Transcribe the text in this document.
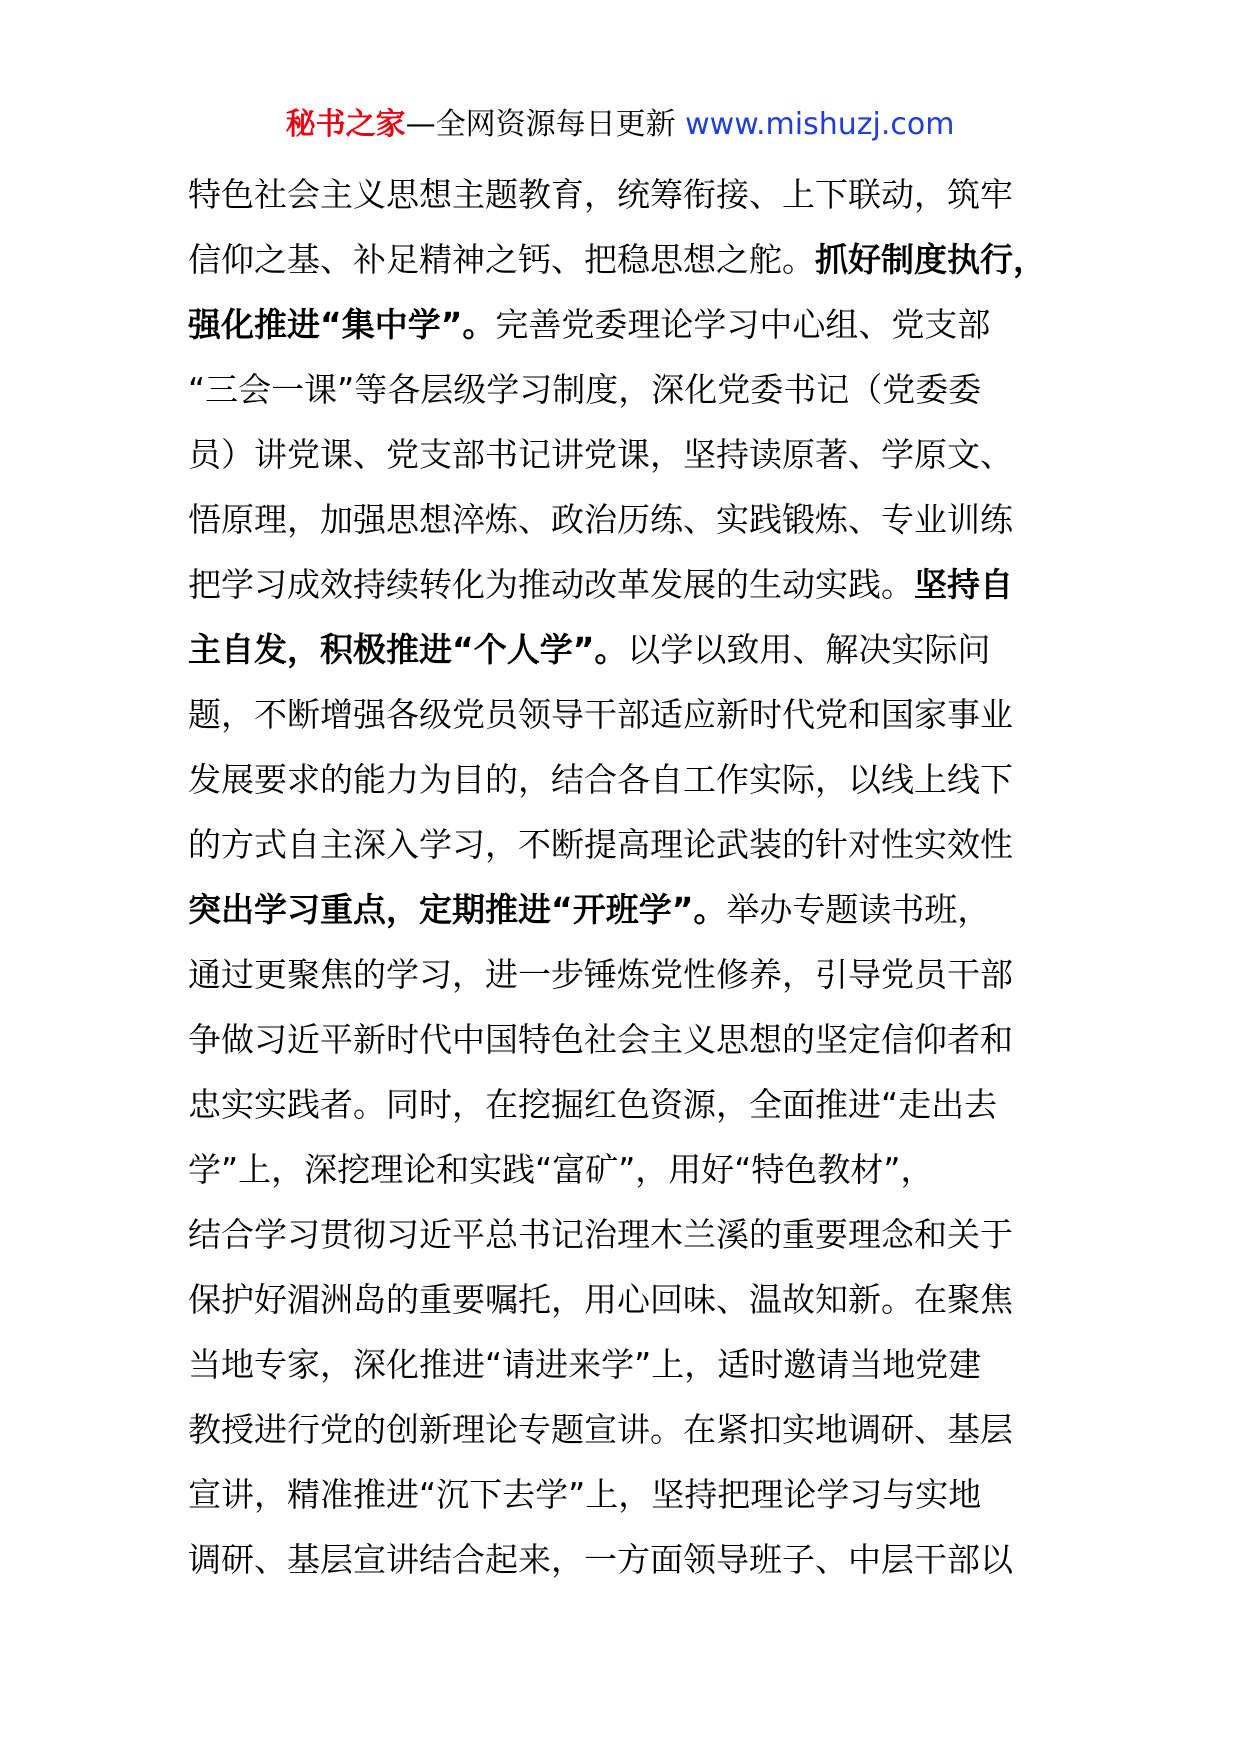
秘书之家—全网资源每日更新 www.mishuzj.com
特色社会主义思想主题教育，统筹衔接、上下联动，筑牢
信仰之基、补足精神之钙、把稳思想之舵。抓好制度执行，
强化推进“集中学”。完善党委理论学习中心组、党支部
“三会一课”等各层级学习制度，深化党委书记（党委委
员）讲党课、党支部书记讲党课，坚持读原著、学原文、
悟原理，加强思想淬炼、政治历练、实践锻炼、专业训练
把学习成效持续转化为推动改革发展的生动实践。坚持自
主自发，积极推进“个人学”。以学以致用、解决实际问
题，不断增强各级党员领导干部适应新时代党和国家事业
发展要求的能力为目的，结合各自工作实际，以线上线下
的方式自主深入学习，不断提高理论武装的针对性实效性
突出学习重点，定期推进“开班学”。举办专题读书班，
通过更聚焦的学习，进一步锤炼党性修养，引导党员干部
争做习近平新时代中国特色社会主义思想的坚定信仰者和
忠实实践者。同时，在挖掘红色资源，全面推进“走出去
学”上，深挖理论和实践“富矿”，用好“特色教材”，
结合学习贯彻习近平总书记治理木兰溪的重要理念和关于
保护好湄洲岛的重要嘱托，用心回味、温故知新。在聚焦
当地专家，深化推进“请进来学”上，适时邀请当地党建
教授进行党的创新理论专题宣讲。在紧扣实地调研、基层
宣讲，精准推进“沉下去学”上，坚持把理论学习与实地
调研、基层宣讲结合起来，一方面领导班子、中层干部以
